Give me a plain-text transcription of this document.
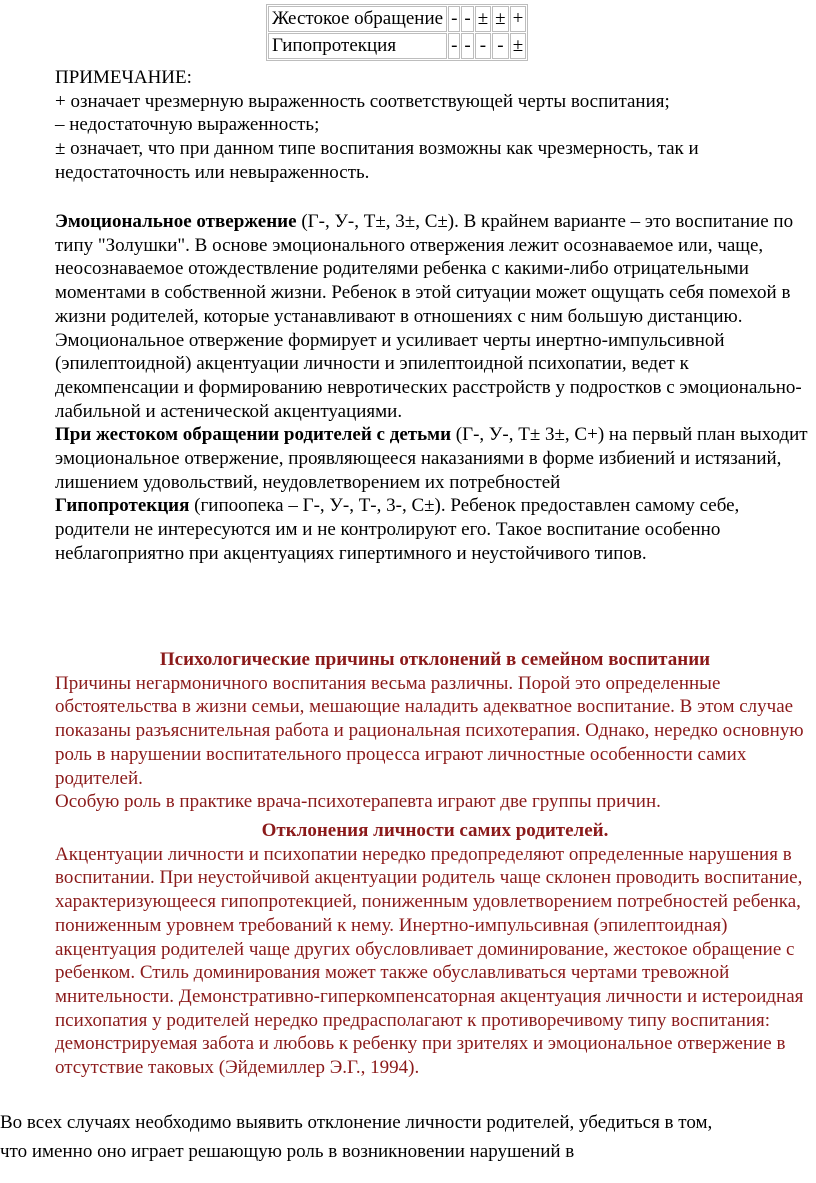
Жестокое обращение	-	-	±	±	+
Гипопротекция	-	-	-	-	±

ПРИМЕЧАНИЕ:

+ означает чрезмерную выраженность соответствующей черты воспитания;

– недостаточную выраженность;

± означает, что при данном типе воспитания возможны как чрезмерность, так и недостаточность или невыраженность.

Эмоциональное отвержение (Г-, У-, Т±, 3±, С±). В крайнем варианте – это воспитание по типу "Золушки". В основе эмоционального отвержения лежит осознаваемое или, чаще, неосознаваемое отождествление родителями ребенка с какими-либо отрицательными моментами в собственной жизни. Ребенок в этой ситуации может ощущать себя помехой в жизни родителей, которые устанавливают в отношениях с ним большую дистанцию. Эмоциональное отвержение формирует и усиливает черты инертно-импульсивной (эпилептоидной) акцентуации личности и эпилептоидной психопатии, ведет к декомпенсации и формированию невротических расстройств у подростков с эмоционально-лабильной и астенической акцентуациями.

При жестоком обращении родителей с детьми (Г-, У-, Т± 3±, С+) на первый план выходит эмоциональное отвержение, проявляющееся наказаниями в форме избиений и истязаний, лишением удовольствий, неудовлетворением их потребностей

Гипопротекция (гипоопека – Г-, У-, Т-, 3-, С±). Ребенок предоставлен самому себе, родители не интересуются им и не контролируют его. Такое воспитание особенно неблагоприятно при акцентуациях гипертимного и неустойчивого типов.

Психологические причины отклонений в семейном воспитании

Причины негармоничного воспитания весьма различны. Порой это определенные обстоятельства в жизни семьи, мешающие наладить адекватное воспитание. В этом случае показаны разъяснительная работа и рациональная психотерапия. Однако, нередко основную роль в нарушении воспитательного процесса играют личностные особенности самих родителей.

Особую роль в практике врача-психотерапевта играют две группы причин.

Отклонения личности самих родителей.

Акцентуации личности и психопатии нередко предопределяют определенные нарушения в воспитании. При неустойчивой акцентуации родитель чаще склонен проводить воспитание, характеризующееся гипопротекцией, пониженным удовлетворением потребностей ребенка, пониженным уровнем требований к нему. Инертно-импульсивная (эпилептоидная) акцентуация родителей чаще других обусловливает доминирование, жестокое обращение с ребенком. Стиль доминирования может также обуславливаться чертами тревожной мнительности. Демонстративно-гиперкомпенсаторная акцентуация личности и истероидная психопатия у родителей нередко предрасполагают к противоречивому типу воспитания: демонстрируемая забота и любовь к ребенку при зрителях и эмоциональное отвержение в отсутствие таковых (Эйдемиллер Э.Г., 1994).

Во всех случаях необходимо выявить отклонение личности родителей, убедиться в том,
что именно оно играет решающую роль в возникновении нарушений в
